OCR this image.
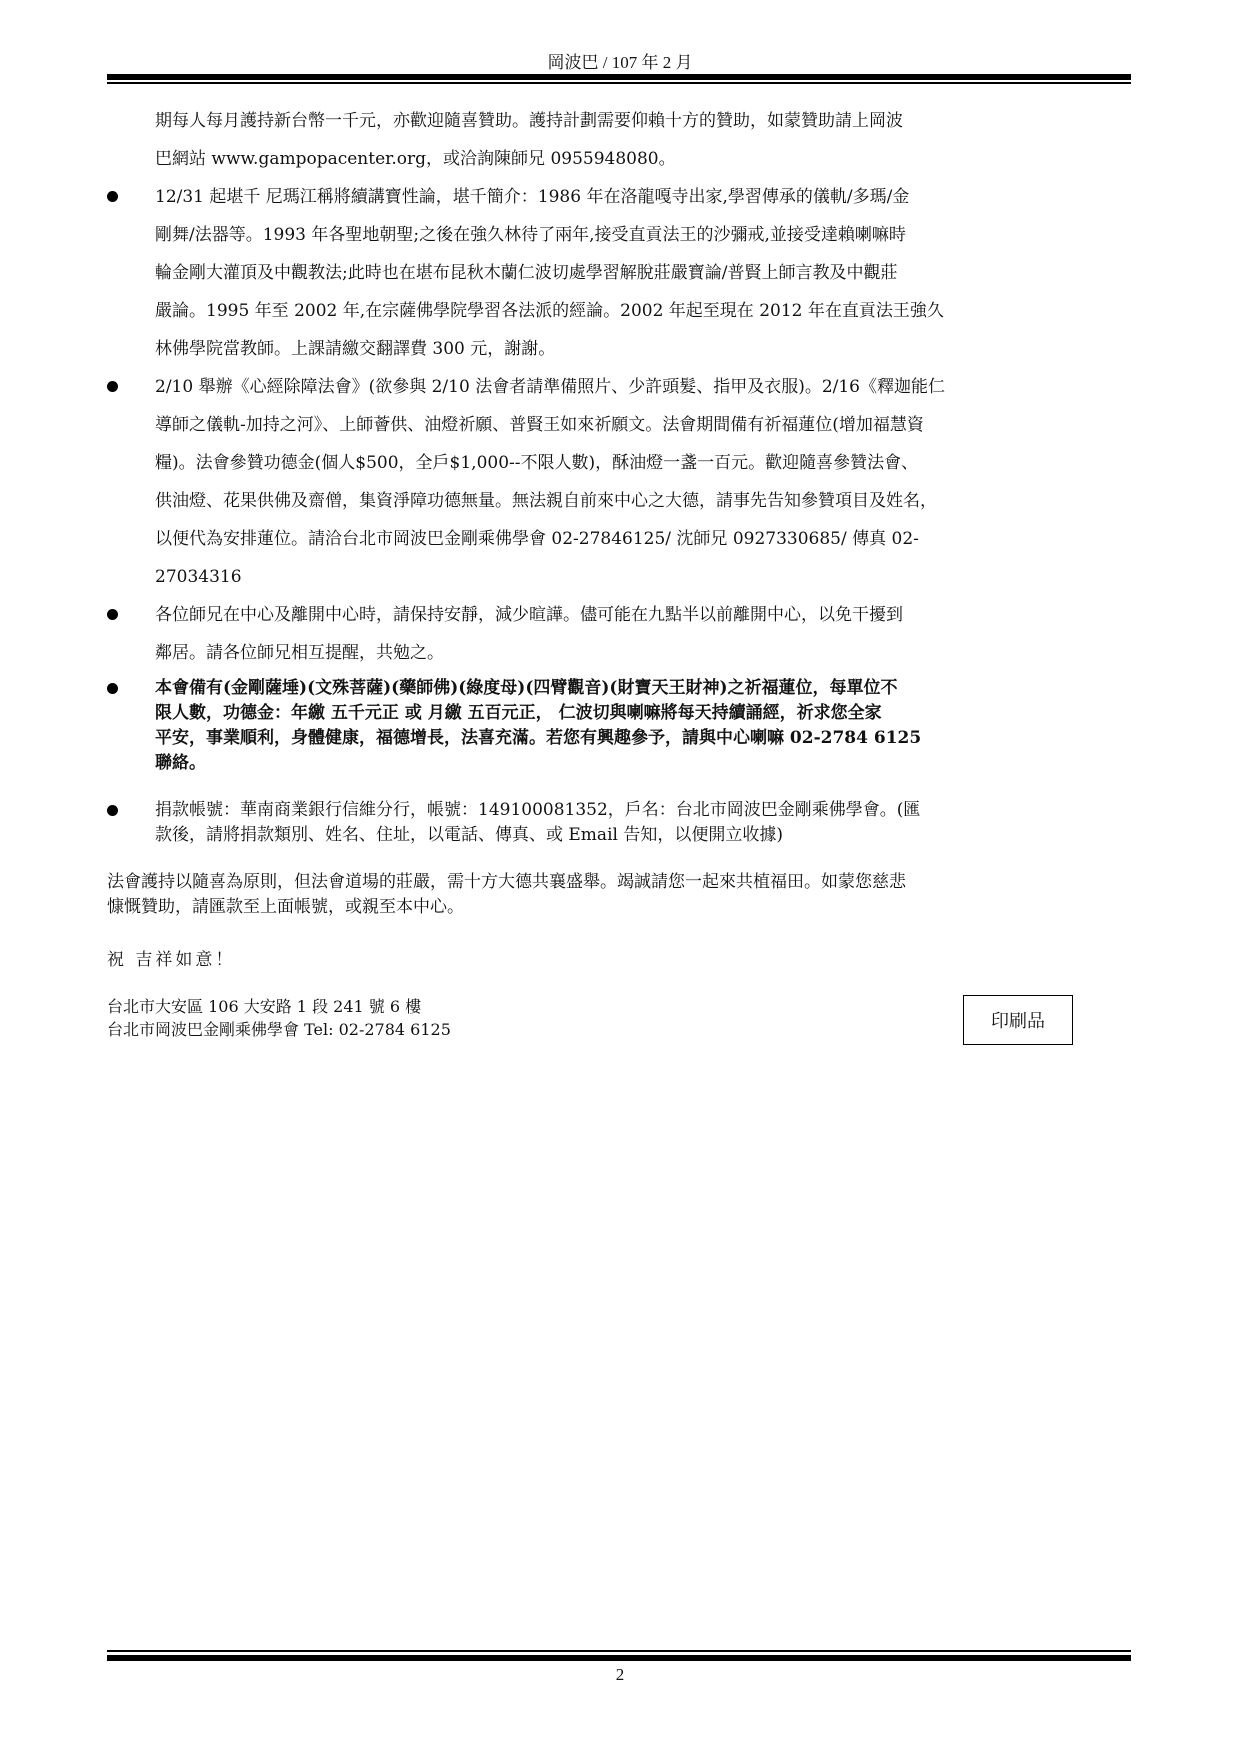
岡波巴 / 107 年 2 月
期每人每月護持新台幣一千元，亦歡迎隨喜贊助。護持計劃需要仰賴十方的贊助，如蒙贊助請上岡波
巴網站 www.gampopacenter.org，或洽詢陳師兄 0955948080。
12/31 起堪千 尼瑪江稱將續講寶性論，堪千簡介：1986 年在洛龍嘎寺出家,學習傳承的儀軌/多瑪/金
剛舞/法器等。1993 年各聖地朝聖;之後在強久林待了兩年,接受直貢法王的沙彌戒,並接受達賴喇嘛時
輪金剛大灌頂及中觀教法;此時也在堪布昆秋木蘭仁波切處學習解脫莊嚴寶論/普賢上師言教及中觀莊
嚴論。1995 年至 2002 年,在宗薩佛學院學習各法派的經論。2002 年起至現在 2012 年在直貢法王強久
林佛學院當教師。上課請繳交翻譯費 300 元，謝謝。
2/10 舉辦《心經除障法會》(欲參與 2/10 法會者請準備照片、少許頭髮、指甲及衣服)。2/16《釋迦能仁
導師之儀軌-加持之河》、上師薈供、油燈祈願、普賢王如來祈願文。法會期間備有祈福蓮位(增加福慧資
糧)。法會參贊功德金(個人$500，全戶$1,000--不限人數)，酥油燈一盞一百元。歡迎隨喜參贊法會、
供油燈、花果供佛及齋僧，集資淨障功德無量。無法親自前來中心之大德，請事先告知參贊項目及姓名，
以便代為安排蓮位。請洽台北市岡波巴金剛乘佛學會 02-27846125/ 沈師兄 0927330685/ 傳真 02-
27034316
各位師兄在中心及離開中心時，請保持安靜，減少暄譁。儘可能在九點半以前離開中心，以免干擾到
鄰居。請各位師兄相互提醒，共勉之。
本會備有(金剛薩埵)(文殊菩薩)(藥師佛)(綠度母)(四臂觀音)(財寶天王財神)之祈福蓮位，每單位不
限人數，功德金：年繳 五千元正 或 月繳 五百元正， 仁波切與喇嘛將每天持續誦經，祈求您全家
平安，事業順利，身體健康，福德增長，法喜充滿。若您有興趣參予，請與中心喇嘛 02-2784 6125
聯絡。
捐款帳號：華南商業銀行信維分行，帳號：149100081352，戶名：台北市岡波巴金剛乘佛學會。(匯
款後，請將捐款類別、姓名、住址，以電話、傳真、或 Email 告知，以便開立收據)
法會護持以隨喜為原則，但法會道場的莊嚴，需十方大德共襄盛舉。竭誠請您一起來共植福田。如蒙您慈悲
慷慨贊助，請匯款至上面帳號，或親至本中心。
祝 吉祥如意！
台北市大安區 106 大安路 1 段 241 號 6 樓
台北市岡波巴金剛乘佛學會 Tel: 02-2784 6125	印刷品
2
